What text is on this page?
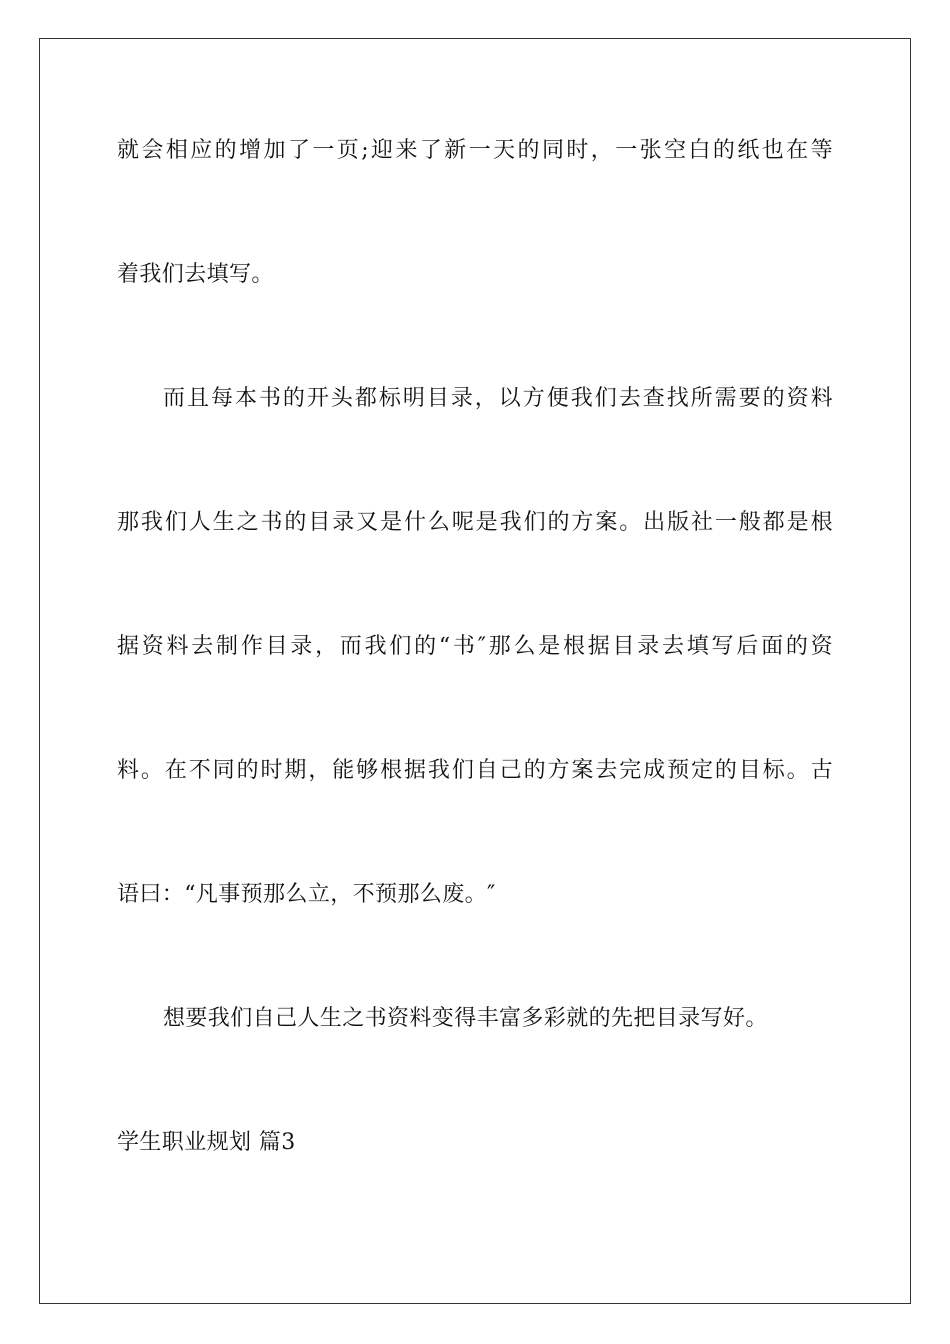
就会相应的增加了一页;迎来了新一天的同时，一张空白的纸也在等
着我们去填写。
而且每本书的开头都标明目录，以方便我们去查找所需要的资料
那我们人生之书的目录又是什么呢是我们的方案。出版社一般都是根
据资料去制作目录，而我们的“书″那么是根据目录去填写后面的资
料。在不同的时期，能够根据我们自己的方案去完成预定的目标。古
语曰：“凡事预那么立，不预那么废。″
想要我们自己人生之书资料变得丰富多彩就的先把目录写好。
学生职业规划 篇3
